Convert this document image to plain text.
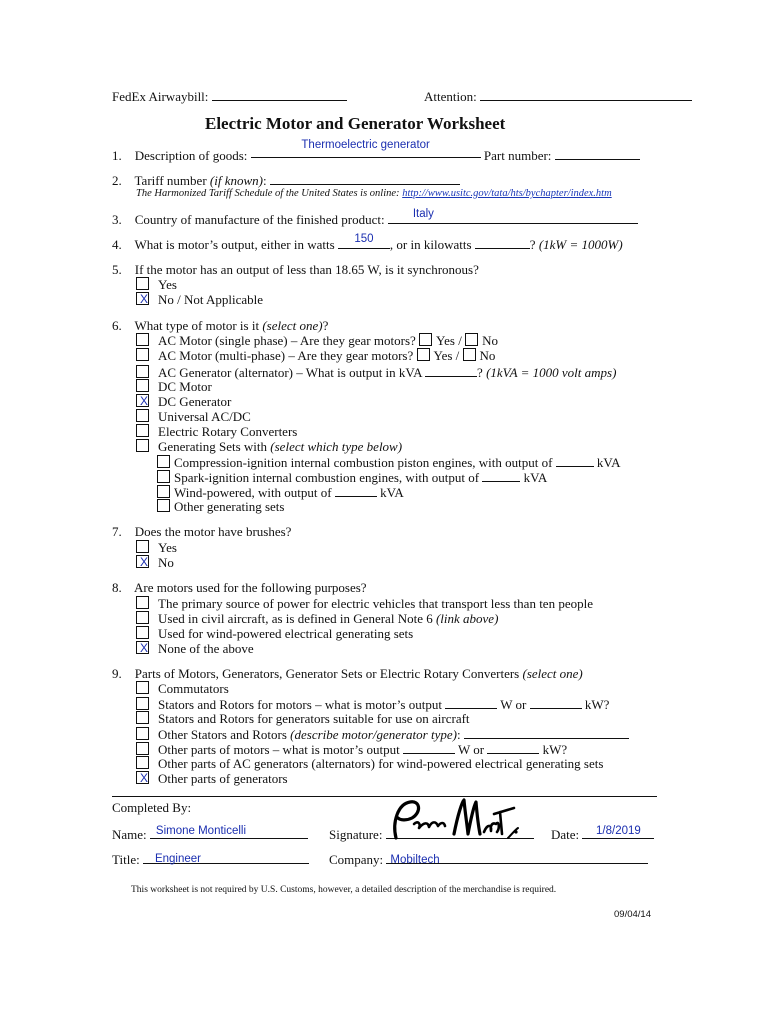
FedEx Airwaybill:	Attention:
Electric Motor and Generator Worksheet
1. Description of goods:
Thermoelectric generator
Part number:
2. Tariff number (if known):
The Harmonized Tariff Schedule of the United States is online: http://www.usitc.gov/tata/hts/bychapter/index.htm
3. Country of manufacture of the finished product:	Italy
4. What is motor’s output, either in watts	150	, or in kilowatts	? (1kW = 1000W)
5. If the motor has an output of less than 18.65 W, is it synchronous?
Yes
X No / Not Applicable
6. What type of motor is it (select one)?
AC Motor (single phase) – Are they gear motors? Yes / No
AC Motor (multi-phase) – Are they gear motors? Yes / No
AC Generator (alternator) – What is output in kVA	? (1kVA = 1000 volt amps)
DC Motor
X DC Generator
Universal AC/DC
Electric Rotary Converters
Generating Sets with (select which type below)
Compression-ignition internal combustion piston engines, with output of	kVA
Spark-ignition internal combustion engines, with output of	kVA
Wind-powered, with output of	kVA
Other generating sets
7. Does the motor have brushes?
Yes
X No
8. Are motors used for the following purposes?
The primary source of power for electric vehicles that transport less than ten people
Used in civil aircraft, as is defined in General Note 6 (link above)
Used for wind-powered electrical generating sets
X None of the above
9. Parts of Motors, Generators, Generator Sets or Electric Rotary Converters (select one)
Commutators
Stators and Rotors for motors – what is motor’s output	W or	kW?
Stators and Rotors for generators suitable for use on aircraft
Other Stators and Rotors (describe motor/generator type):
Other parts of motors – what is motor’s output	W or	kW?
Other parts of AC generators (alternators) for wind-powered electrical generating sets
X Other parts of generators
Completed By:
Name: Simone Monticelli	Signature:	Date:	1/8/2019
Title:	Engineer	Company: Mobiltech
This worksheet is not required by U.S. Customs, however, a detailed description of the merchandise is required.
09/04/14
